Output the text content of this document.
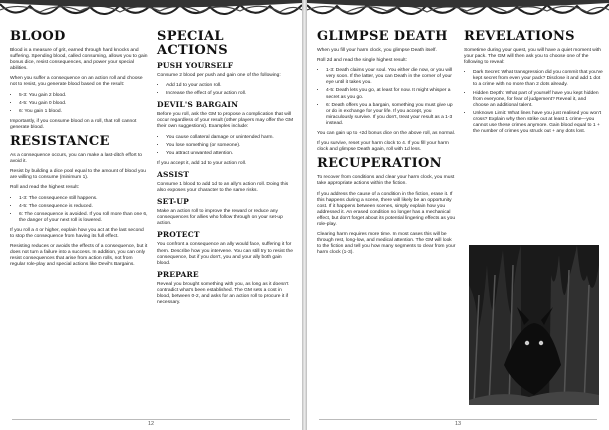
BLOOD

Blood is a measure of grit, earned through hard knocks and suffering. Spending blood, called consuming, allows you to gain bonus dice, resist consequences, and power your special abilities.

When you suffer a consequence on an action roll and choose not to resist, you generate blood based on the result:

• 5-3: You gain 2 blood.
• 4-5: You gain 0 blood.
• 6: You gain 1 blood.

Importantly, if you consume blood on a roll, that roll cannot generate blood.

RESISTANCE

As a consequence occurs, you can make a last-ditch effort to avoid it.

Resist by building a dice pool equal to the amount of blood you are willing to consume (minimum 1).

Roll and read the highest result:

• 1-3: The consequence still happens.
• 4-5: The consequence is reduced.
• 6: The consequence is avoided. If you roll more than one 6, the danger of your next roll is lowered.

If you roll a 4 or higher, explain how you act at the last second to stop the consequence from having its full effect.

Resisting reduces or avoids the effects of a consequence, but it does not turn a failure into a success. In addition, you can only resist consequences that arise from action rolls, not from regular role-play and special actions like Devil's Bargains.

SPECIAL ACTIONS
PUSH YOURSELF

Consume 2 blood per push and gain one of the following:

• Add 1d to your action roll.
• Increase the effect of your action roll.
DEVIL'S BARGAIN

Before you roll, ask the GM to propose a complication that will occur regardless of your result (other players may offer the GM their own suggestions). Examples include:

• You cause collateral damage or unintended harm.
• You lose something (or someone).
• You attract unwanted attention.

If you accept it, add 1d to your action roll.

ASSIST

Consume 1 blood to add 1d to an ally's action roll. Doing this also exposes your character to the same risks.

SET-UP

Make an action roll to improve the reward or reduce any consequences for allies who follow through on your set-up action.

PROTECT

You confront a consequence an ally would face, suffering it for them. Describe how you intervene. You can still try to resist the consequence, but if you don't, you and your ally both gain blood.

PREPARE

Reveal you brought something with you, as long as it doesn't contradict what's been established. The GM sets a cost in blood, between 0-2, and asks for an action roll to procure it if necessary.

12
GLIMPSE DEATH

When you fill your harm clock, you glimpse Death itself.

Roll 2d and read the single highest result:

• 1-3: Death claims your soul. You either die now, or you will very soon. If the latter, you can Death in the corner of your eye until it takes you.
• 4-5: Death lets you go, at least for now. It might whisper a secret as you go.
• 6: Death offers you a bargain, something you must give up or do in exchange for your life. If you accept, you miraculously survive. If you don't, treat your result as a 1-3 instead.

You can gain up to +2d bonus dice on the above roll, as normal.

If you survive, reset your harm clock to 4. If you fill your harm clock and glimpse Death again, roll with 1d less.

RECUPERATION

To recover from conditions and clear your harm clock, you must take appropriate actions within the fiction.

If you address the cause of a condition in the fiction, erase it. If this happens during a scene, there will likely be an opportunity cost. If it happens between scenes, simply explain how you addressed it. An erased condition no longer has a mechanical effect, but don't forget about its potential lingering effects as you role-play.

Clearing harm requires more time. In most cases this will be through rest, long-low, and medical attention. The GM will look to the fiction and tell you how many segments to clear from your harm clock (1-3).

REVELATIONS

Sometime during your quest, you will have a quiet moment with your pack. The GM will then ask you to choose one of the following to reveal:

• Dark Secret: What transgression did you commit that you've kept secret from even your pack? Disclose it and add 1 dot to a crime with no more than 2 dots already.
• Hidden Depth: What part of yourself have you kept hidden from everyone, for fear of judgement? Reveal it, and choose an additional talent.
• Unknown Limit: What lines have you just realised you won't cross? Explain why then strike out at least 1 crime—you cannot use these crimes anymore. Gain blood equal to 1 + the number of crimes you struck out + any dots lost.
13
